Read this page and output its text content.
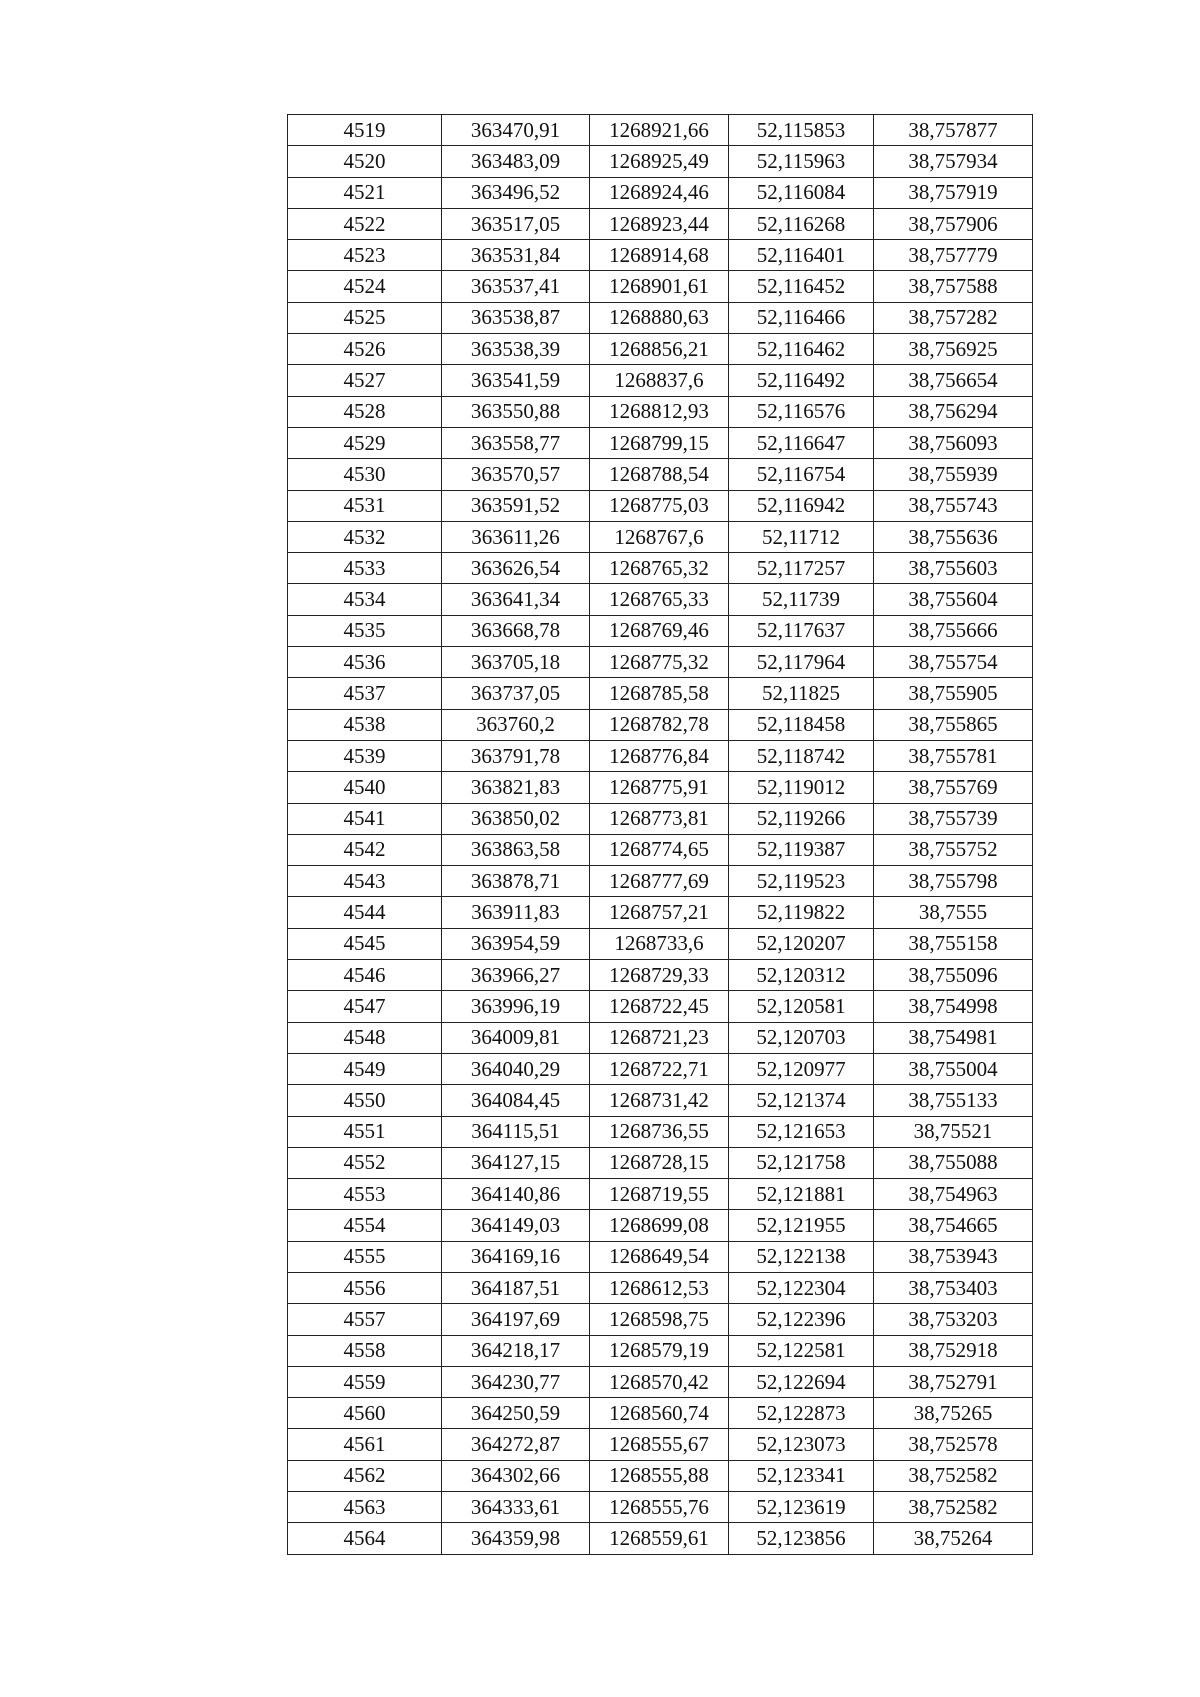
4519	363470,91	1268921,66	52,115853	38,757877
4520	363483,09	1268925,49	52,115963	38,757934
4521	363496,52	1268924,46	52,116084	38,757919
4522	363517,05	1268923,44	52,116268	38,757906
4523	363531,84	1268914,68	52,116401	38,757779
4524	363537,41	1268901,61	52,116452	38,757588
4525	363538,87	1268880,63	52,116466	38,757282
4526	363538,39	1268856,21	52,116462	38,756925
4527	363541,59	1268837,6	52,116492	38,756654
4528	363550,88	1268812,93	52,116576	38,756294
4529	363558,77	1268799,15	52,116647	38,756093
4530	363570,57	1268788,54	52,116754	38,755939
4531	363591,52	1268775,03	52,116942	38,755743
4532	363611,26	1268767,6	52,11712	38,755636
4533	363626,54	1268765,32	52,117257	38,755603
4534	363641,34	1268765,33	52,11739	38,755604
4535	363668,78	1268769,46	52,117637	38,755666
4536	363705,18	1268775,32	52,117964	38,755754
4537	363737,05	1268785,58	52,11825	38,755905
4538	363760,2	1268782,78	52,118458	38,755865
4539	363791,78	1268776,84	52,118742	38,755781
4540	363821,83	1268775,91	52,119012	38,755769
4541	363850,02	1268773,81	52,119266	38,755739
4542	363863,58	1268774,65	52,119387	38,755752
4543	363878,71	1268777,69	52,119523	38,755798
4544	363911,83	1268757,21	52,119822	38,7555
4545	363954,59	1268733,6	52,120207	38,755158
4546	363966,27	1268729,33	52,120312	38,755096
4547	363996,19	1268722,45	52,120581	38,754998
4548	364009,81	1268721,23	52,120703	38,754981
4549	364040,29	1268722,71	52,120977	38,755004
4550	364084,45	1268731,42	52,121374	38,755133
4551	364115,51	1268736,55	52,121653	38,75521
4552	364127,15	1268728,15	52,121758	38,755088
4553	364140,86	1268719,55	52,121881	38,754963
4554	364149,03	1268699,08	52,121955	38,754665
4555	364169,16	1268649,54	52,122138	38,753943
4556	364187,51	1268612,53	52,122304	38,753403
4557	364197,69	1268598,75	52,122396	38,753203
4558	364218,17	1268579,19	52,122581	38,752918
4559	364230,77	1268570,42	52,122694	38,752791
4560	364250,59	1268560,74	52,122873	38,75265
4561	364272,87	1268555,67	52,123073	38,752578
4562	364302,66	1268555,88	52,123341	38,752582
4563	364333,61	1268555,76	52,123619	38,752582
4564	364359,98	1268559,61	52,123856	38,75264
